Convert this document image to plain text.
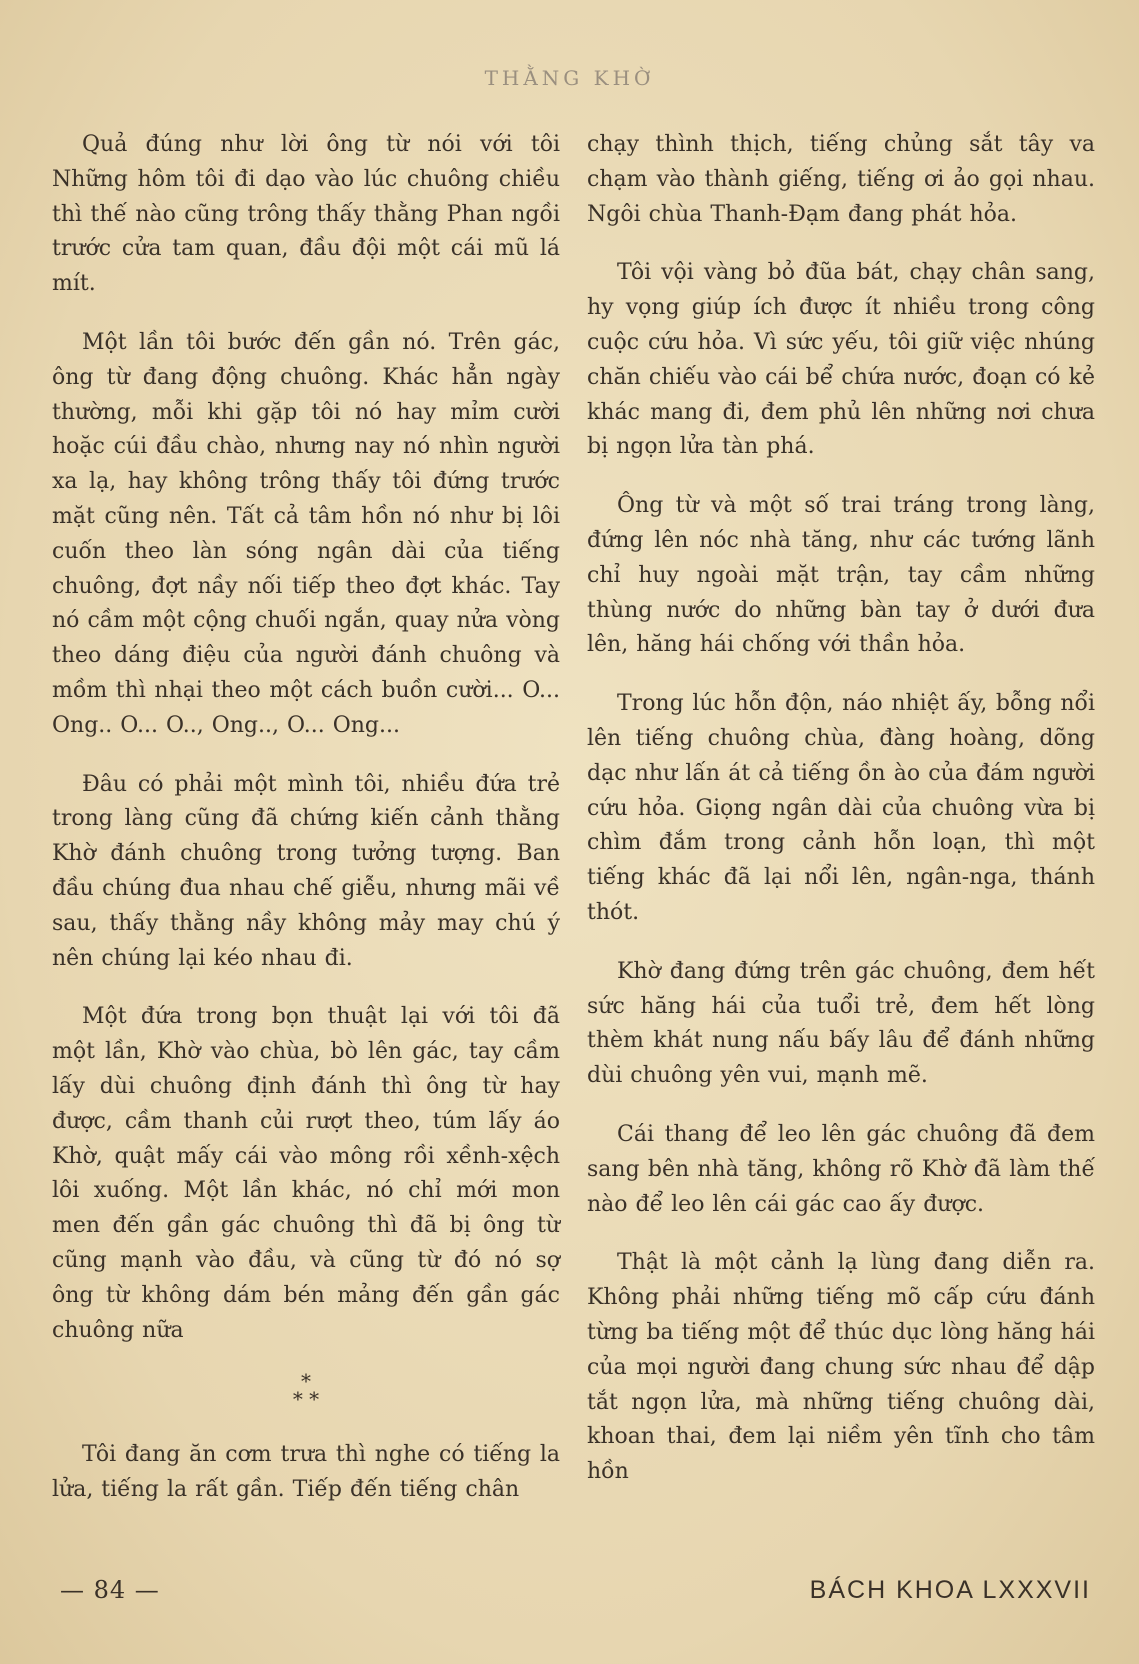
THẰNG KHỜ

Quả đúng như lời ông từ nói với tôi Những hôm tôi đi dạo vào lúc chuông chiều thì thế nào cũng trông thấy thằng Phan ngồi trước cửa tam quan, đầu đội một cái mũ lá mít.

Một lần tôi bước đến gần nó. Trên gác, ông từ đang động chuông. Khác hẳn ngày thường, mỗi khi gặp tôi nó hay mỉm cười hoặc cúi đầu chào, nhưng nay nó nhìn người xa lạ, hay không trông thấy tôi đứng trước mặt cũng nên. Tất cả tâm hồn nó như bị lôi cuốn theo làn sóng ngân dài của tiếng chuông, đợt nầy nối tiếp theo đợt khác. Tay nó cầm một cộng chuối ngắn, quay nửa vòng theo dáng điệu của người đánh chuông và mồm thì nhại theo một cách buồn cười... O... Ong.. O... O.., Ong.., O... Ong...

Đâu có phải một mình tôi, nhiều đứa trẻ trong làng cũng đã chứng kiến cảnh thằng Khờ đánh chuông trong tưởng tượng. Ban đầu chúng đua nhau chế giễu, nhưng mãi về sau, thấy thằng nầy không mảy may chú ý nên chúng lại kéo nhau đi.

Một đứa trong bọn thuật lại với tôi đã một lần, Khờ vào chùa, bò lên gác, tay cầm lấy dùi chuông định đánh thì ông từ hay được, cầm thanh củi rượt theo, túm lấy áo Khờ, quật mấy cái vào mông rồi xềnh-xệch lôi xuống. Một lần khác, nó chỉ mới mon men đến gần gác chuông thì đã bị ông từ cũng mạnh vào đầu, và cũng từ đó nó sợ ông từ không dám bén mảng đến gần gác chuông nữa

*
* *

Tôi đang ăn cơm trưa thì nghe có tiếng la lửa, tiếng la rất gần. Tiếp đến tiếng chân

chạy thình thịch, tiếng chủng sắt tây va chạm vào thành giếng, tiếng ơi ảo gọi nhau. Ngôi chùa Thanh-Đạm đang phát hỏa.

Tôi vội vàng bỏ đũa bát, chạy chân sang, hy vọng giúp ích được ít nhiều trong công cuộc cứu hỏa. Vì sức yếu, tôi giữ việc nhúng chăn chiếu vào cái bể chứa nước, đoạn có kẻ khác mang đi, đem phủ lên những nơi chưa bị ngọn lửa tàn phá.

Ông từ và một số trai tráng trong làng, đứng lên nóc nhà tăng, như các tướng lãnh chỉ huy ngoài mặt trận, tay cầm những thùng nước do những bàn tay ở dưới đưa lên, hăng hái chống với thần hỏa.

Trong lúc hỗn độn, náo nhiệt ấy, bỗng nổi lên tiếng chuông chùa, đàng hoàng, dõng dạc như lấn át cả tiếng ồn ào của đám người cứu hỏa. Giọng ngân dài của chuông vừa bị chìm đắm trong cảnh hỗn loạn, thì một tiếng khác đã lại nổi lên, ngân-nga, thánh thót.

Khờ đang đứng trên gác chuông, đem hết sức hăng hái của tuổi trẻ, đem hết lòng thèm khát nung nấu bấy lâu để đánh những dùi chuông yên vui, mạnh mẽ.

Cái thang để leo lên gác chuông đã đem sang bên nhà tăng, không rõ Khờ đã làm thế nào để leo lên cái gác cao ấy được.

Thật là một cảnh lạ lùng đang diễn ra. Không phải những tiếng mõ cấp cứu đánh từng ba tiếng một để thúc dục lòng hăng hái của mọi người đang chung sức nhau để dập tắt ngọn lửa, mà những tiếng chuông dài, khoan thai, đem lại niềm yên tĩnh cho tâm hồn

— 84 —	BÁCH KHOA LXXXVII
